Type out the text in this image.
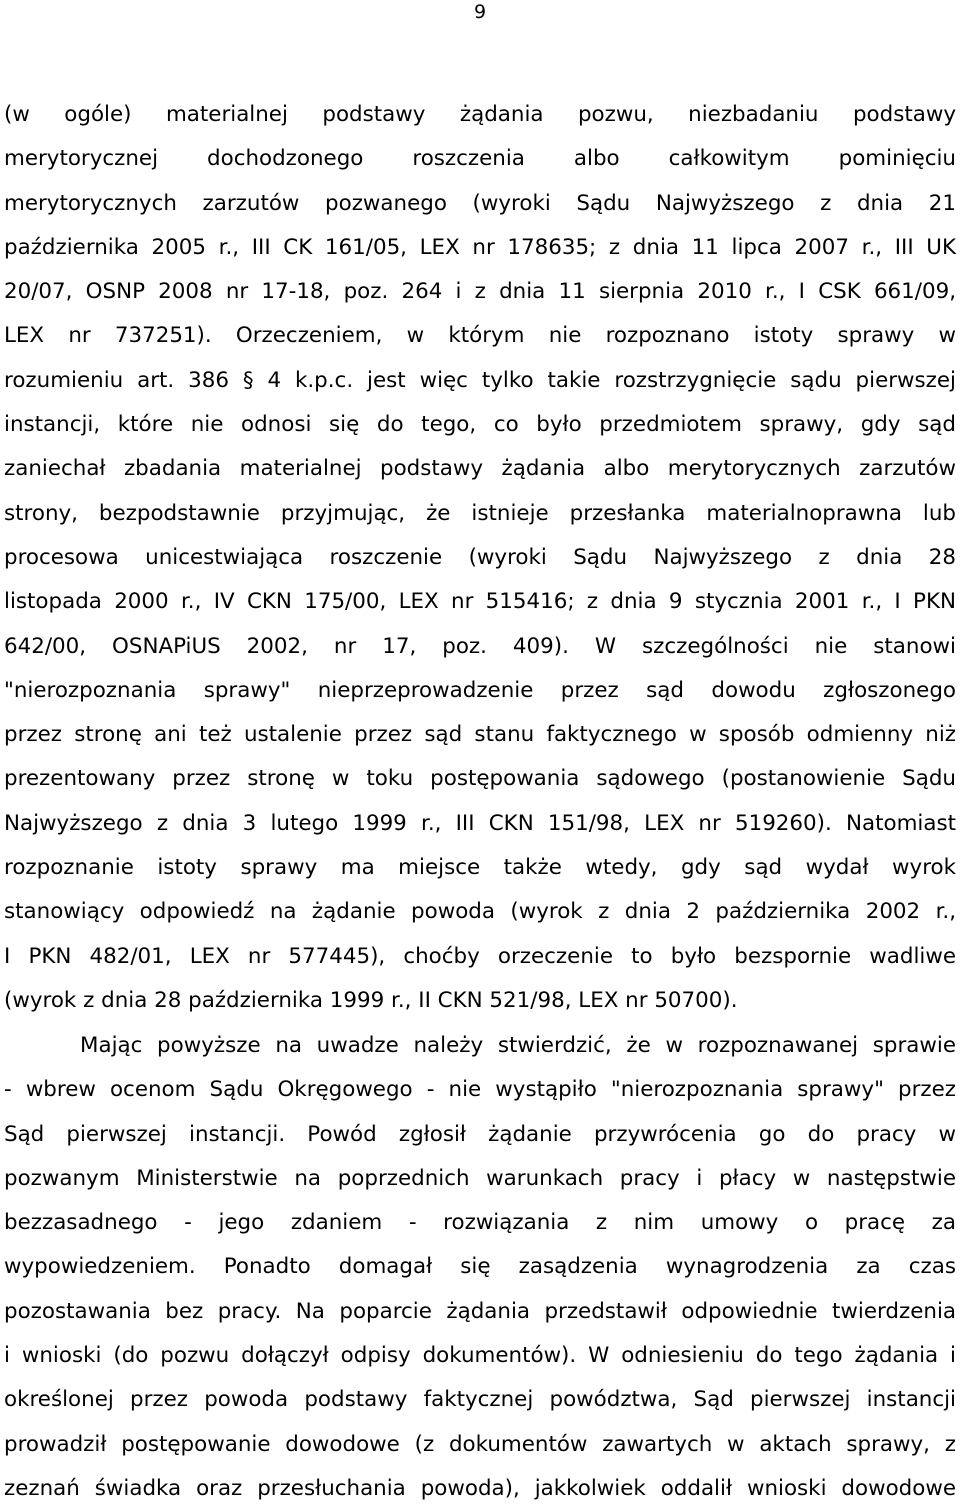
9
(w ogóle) materialnej podstawy żądania pozwu, niezbadaniu podstawy
merytorycznej dochodzonego roszczenia albo całkowitym pominięciu
merytorycznych zarzutów pozwanego (wyroki Sądu Najwyższego z dnia 21
października 2005 r., III CK 161/05, LEX nr 178635; z dnia 11 lipca 2007 r., III UK
20/07, OSNP 2008 nr 17-18, poz. 264 i z dnia 11 sierpnia 2010 r., I CSK 661/09,
LEX nr 737251). Orzeczeniem, w którym nie rozpoznano istoty sprawy w
rozumieniu art. 386 § 4 k.p.c. jest więc tylko takie rozstrzygnięcie sądu pierwszej
instancji, które nie odnosi się do tego, co było przedmiotem sprawy, gdy sąd
zaniechał zbadania materialnej podstawy żądania albo merytorycznych zarzutów
strony, bezpodstawnie przyjmując, że istnieje przesłanka materialnoprawna lub
procesowa unicestwiająca roszczenie (wyroki Sądu Najwyższego z dnia 28
listopada 2000 r., IV CKN 175/00, LEX nr 515416; z dnia 9 stycznia 2001 r., I PKN
642/00, OSNAPiUS 2002, nr 17, poz. 409). W szczególności nie stanowi
"nierozpoznania sprawy" nieprzeprowadzenie przez sąd dowodu zgłoszonego
przez stronę ani też ustalenie przez sąd stanu faktycznego w sposób odmienny niż
prezentowany przez stronę w toku postępowania sądowego (postanowienie Sądu
Najwyższego z dnia 3 lutego 1999 r., III CKN 151/98, LEX nr 519260). Natomiast
rozpoznanie istoty sprawy ma miejsce także wtedy, gdy sąd wydał wyrok
stanowiący odpowiedź na żądanie powoda (wyrok z dnia 2 października 2002 r.,
I PKN 482/01, LEX nr 577445), choćby orzeczenie to było bezspornie wadliwe
(wyrok z dnia 28 października 1999 r., II CKN 521/98, LEX nr 50700).
Mając powyższe na uwadze należy stwierdzić, że w rozpoznawanej sprawie
- wbrew ocenom Sądu Okręgowego - nie wystąpiło "nierozpoznania sprawy" przez
Sąd pierwszej instancji. Powód zgłosił żądanie przywrócenia go do pracy w
pozwanym Ministerstwie na poprzednich warunkach pracy i płacy w następstwie
bezzasadnego - jego zdaniem - rozwiązania z nim umowy o pracę za
wypowiedzeniem. Ponadto domagał się zasądzenia wynagrodzenia za czas
pozostawania bez pracy. Na poparcie żądania przedstawił odpowiednie twierdzenia
i wnioski (do pozwu dołączył odpisy dokumentów). W odniesieniu do tego żądania i
określonej przez powoda podstawy faktycznej powództwa, Sąd pierwszej instancji
prowadził postępowanie dowodowe (z dokumentów zawartych w aktach sprawy, z
zeznań świadka oraz przesłuchania powoda), jakkolwiek oddalił wnioski dowodowe
